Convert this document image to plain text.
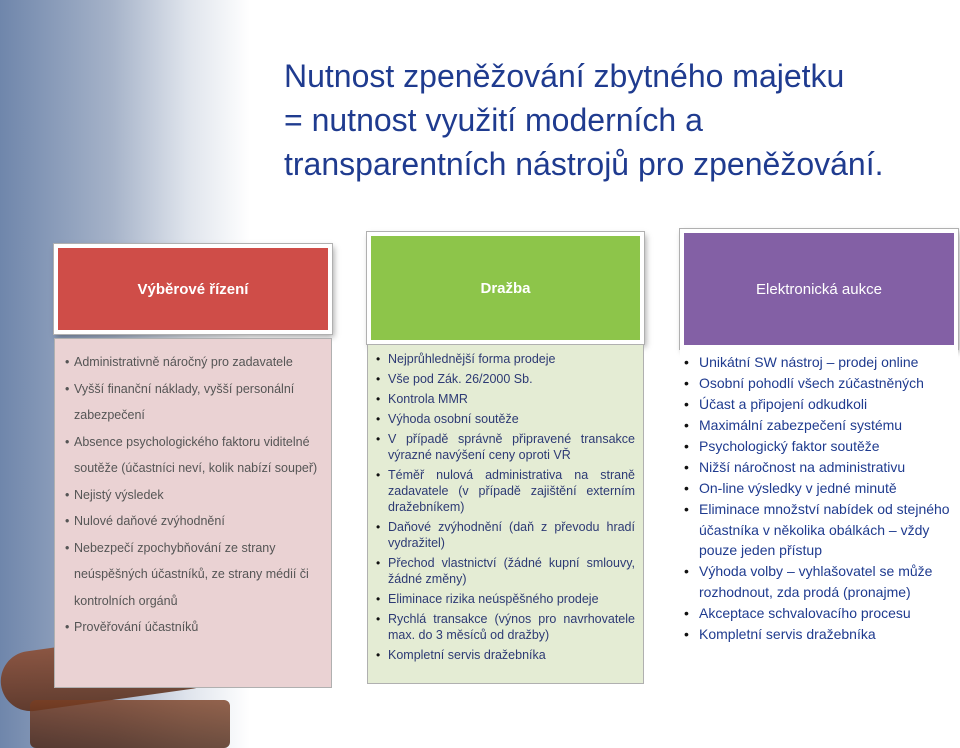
Nutnost zpeněžování zbytného majetku
= nutnost využití moderních a
transparentních nástrojů pro zpeněžování.
Výběrové řízení
• Administrativně náročný pro zadavatele
• Vyšší finanční náklady, vyšší personální zabezpečení
• Absence psychologického faktoru viditelné soutěže (účastníci neví, kolik nabízí soupeř)
• Nejistý výsledek
• Nulové daňové zvýhodnění
• Nebezpečí zpochybňování ze strany neúspěšných účastníků, ze strany médií či kontrolních orgánů
• Prověřování účastníků
Dražba
• Nejprůhlednější forma prodeje
• Vše pod Zák. 26/2000 Sb.
• Kontrola MMR
• Výhoda osobní soutěže
• V případě správně připravené transakce výrazné navýšení ceny oproti VŘ
• Téměř nulová administrativa na straně zadavatele (v případě zajištění externím dražebníkem)
• Daňové zvýhodnění (daň z převodu hradí vydražitel)
• Přechod vlastnictví (žádné kupní smlouvy, žádné změny)
• Eliminace rizika neúspěšného prodeje
• Rychlá transakce (výnos pro navrhovatele max. do 3 měsíců od dražby)
• Kompletní servis dražebníka
Elektronická aukce
• Unikátní SW nástroj – prodej online
• Osobní pohodlí všech zúčastněných
• Účast a připojení odkudkoli
• Maximální zabezpečení systému
• Psychologický faktor soutěže
• Nižší náročnost na administrativu
• On-line výsledky v jedné minutě
• Eliminace množství nabídek od stejného účastníka v několika obálkách – vždy pouze jeden přístup
• Výhoda volby – vyhlašovatel se může rozhodnout, zda prodá (pronajme)
• Akceptace schvalovacího procesu
• Kompletní servis dražebníka
